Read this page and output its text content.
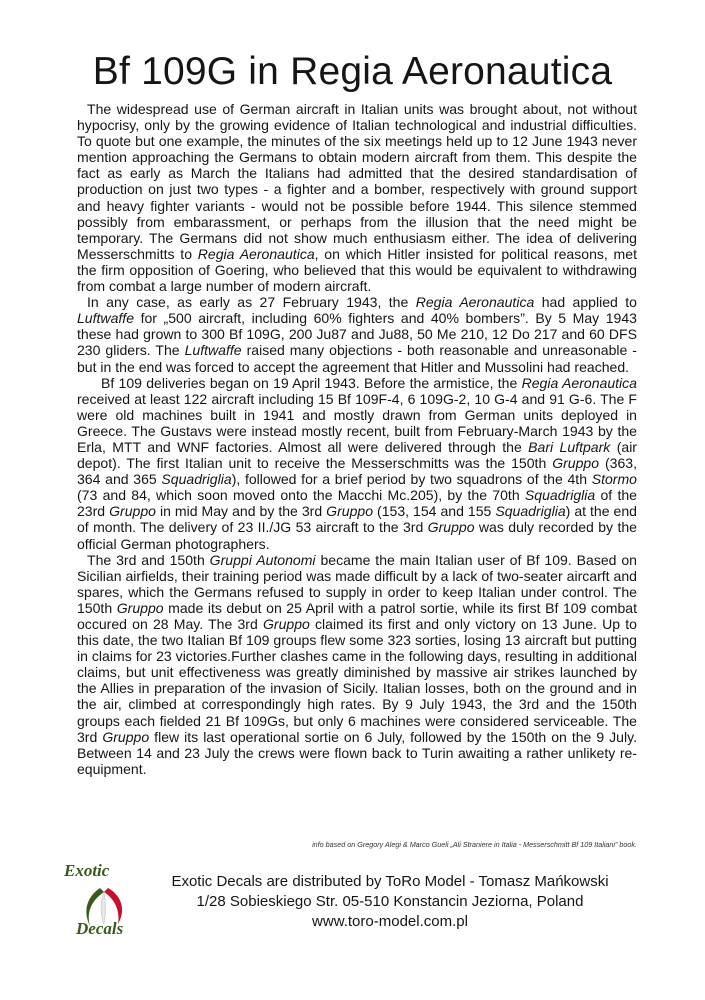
Bf 109G in Regia Aeronautica

The widespread use of German aircraft in Italian units was brought about, not without hypocrisy, only by the growing evidence of Italian technological and industrial difficulties. To quote but one example, the minutes of the six meetings held up to 12 June 1943 never mention approaching the Germans to obtain modern aircraft from them. This despite the fact as early as March the Italians had admitted that the desired standardisation of production on just two types - a fighter and a bomber, respectively with ground support and heavy fighter variants - would not be possible before 1944. This silence stemmed possibly from embarassment, or perhaps from the illusion that the need might be temporary. The Germans did not show much enthusiasm either. The idea of delivering Messerschmitts to Regia Aeronautica, on which Hitler insisted for political reasons, met the firm opposition of Goering, who believed that this would be equivalent to withdrawing from combat a large number of modern aircraft.

In any case, as early as 27 February 1943, the Regia Aeronautica had applied to Luftwaffe for „500 aircraft, including 60% fighters and 40% bombers”. By 5 May 1943 these had grown to 300 Bf 109G, 200 Ju87 and Ju88, 50 Me 210, 12 Do 217 and 60 DFS 230 gliders. The Luftwaffe raised many objections - both reasonable and unreasonable - but in the end was forced to accept the agreement that Hitler and Mussolini had reached.

Bf 109 deliveries began on 19 April 1943. Before the armistice, the Regia Aeronautica received at least 122 aircraft including 15 Bf 109F-4, 6 109G-2, 10 G-4 and 91 G-6. The F were old machines built in 1941 and mostly drawn from German units deployed in Greece. The Gustavs were instead mostly recent, built from February-March 1943 by the Erla, MTT and WNF factories. Almost all were delivered through the Bari Luftpark (air depot). The first Italian unit to receive the Messerschmitts was the 150th Gruppo (363, 364 and 365 Squadriglia), followed for a brief period by two squadrons of the 4th Stormo (73 and 84, which soon moved onto the Macchi Mc.205), by the 70th Squadriglia of the 23rd Gruppo in mid May and by the 3rd Gruppo (153, 154 and 155 Squadriglia) at the end of month. The delivery of 23 II./JG 53 aircraft to the 3rd Gruppo was duly recorded by the official German photographers.

The 3rd and 150th Gruppi Autonomi became the main Italian user of Bf 109. Based on Sicilian airfields, their training period was made difficult by a lack of two-seater aircarft and spares, which the Germans refused to supply in order to keep Italian under control. The 150th Gruppo made its debut on 25 April with a patrol sortie, while its first Bf 109 combat occured on 28 May. The 3rd Gruppo claimed its first and only victory on 13 June. Up to this date, the two Italian Bf 109 groups flew some 323 sorties, losing 13 aircraft but putting in claims for 23 victories.Further clashes came in the following days, resulting in additional claims, but unit effectiveness was greatly diminished by massive air strikes launched by the Allies in preparation of the invasion of Sicily. Italian losses, both on the ground and in the air, climbed at correspondingly high rates. By 9 July 1943, the 3rd and the 150th groups each fielded 21 Bf 109Gs, but only 6 machines were considered serviceable. The 3rd Gruppo flew its last operational sortie on 6 July, followed by the 150th on the 9 July. Between 14 and 23 July the crews were flown back to Turin awaiting a rather unlikety re-equipment.

info based on Gregory Alegi & Marco Gueli „Ali Straniere in Italia - Messerschmitt Bf 109 Italiani” book.
Exotic
Decals
Exotic Decals are distributed by ToRo Model - Tomasz Mańkowski
1/28 Sobieskiego Str. 05-510 Konstancin Jeziorna, Poland
www.toro-model.com.pl
